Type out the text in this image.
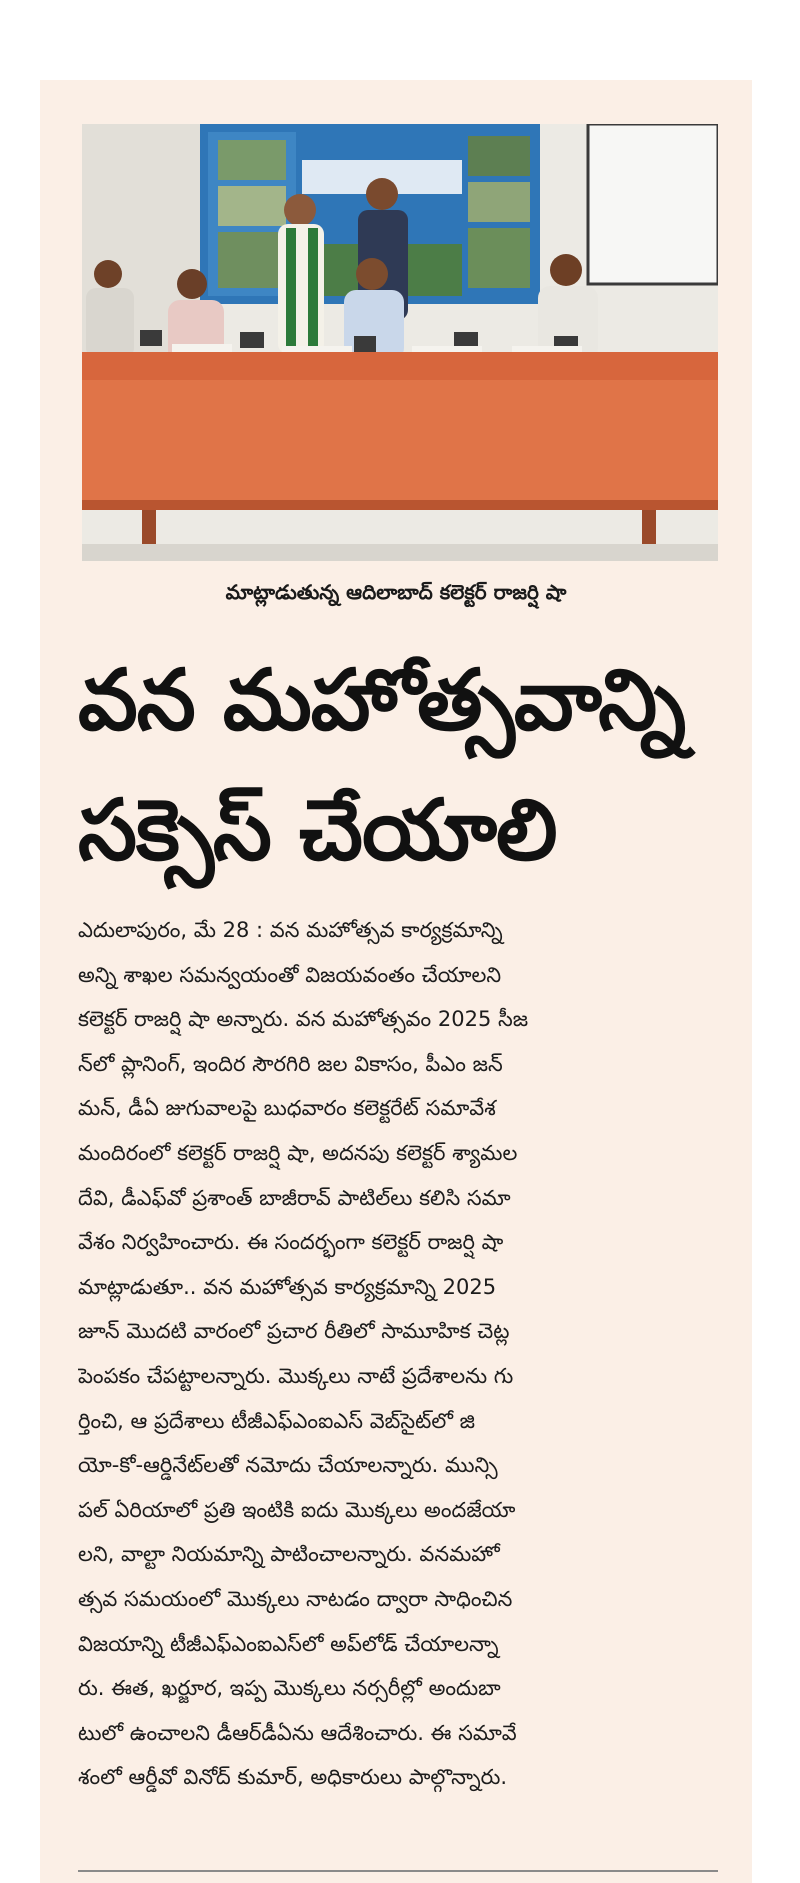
మాట్లాడుతున్న ఆదిలాబాద్ కలెక్టర్ రాజర్షి షా
వన మహోత్సవాన్ని
సక్సెస్ చేయాలి
ఎదులాపురం, మే 28 : వన మహోత్సవ కార్యక్రమాన్ని
అన్ని శాఖల సమన్వయంతో విజయవంతం చేయాలని
కలెక్టర్ రాజర్షి షా అన్నారు. వన మహోత్సవం 2025 సీజ
న్‌లో ప్లానింగ్, ఇందిర సౌరగిరి జల వికాసం, పీఎం జన్
మన్, డీఏ జుగువాలపై బుధవారం కలెక్టరేట్ సమావేశ
మందిరంలో కలెక్టర్ రాజర్షి షా, అదనపు కలెక్టర్ శ్యామల
దేవి, డీఎఫ్‌వో ప్రశాంత్ బాజీరావ్ పాటిల్‌లు కలిసి సమా
వేశం నిర్వహించారు. ఈ సందర్భంగా కలెక్టర్ రాజర్షి షా
మాట్లాడుతూ.. వన మహోత్సవ కార్యక్రమాన్ని 2025
జూన్ మొదటి వారంలో ప్రచార రీతిలో సామూహిక చెట్ల
పెంపకం చేపట్టాలన్నారు. మొక్కలు నాటే ప్రదేశాలను గు
ర్తించి, ఆ ప్రదేశాలు టీజీఎఫ్ఎంఐఎస్ వెబ్‌సైట్‌లో జి
యో-కో-ఆర్డినేట్‌లతో నమోదు చేయాలన్నారు. మున్సి
పల్ ఏరియాలో ప్రతి ఇంటికి ఐదు మొక్కలు అందజేయా
లని, వాల్టా నియమాన్ని పాటించాలన్నారు. వనమహో
త్సవ సమయంలో మొక్కలు నాటడం ద్వారా సాధించిన
విజయాన్ని టీజీఎఫ్ఎంఐఎస్‌లో అప్‌లోడ్ చేయాలన్నా
రు. ఈత, ఖర్జూర, ఇప్ప మొక్కలు నర్సరీల్లో అందుబా
టులో ఉంచాలని డీఆర్‌డీఏను ఆదేశించారు. ఈ సమావే
శంలో ఆర్డీవో వినోద్ కుమార్, అధికారులు పాల్గొన్నారు.
